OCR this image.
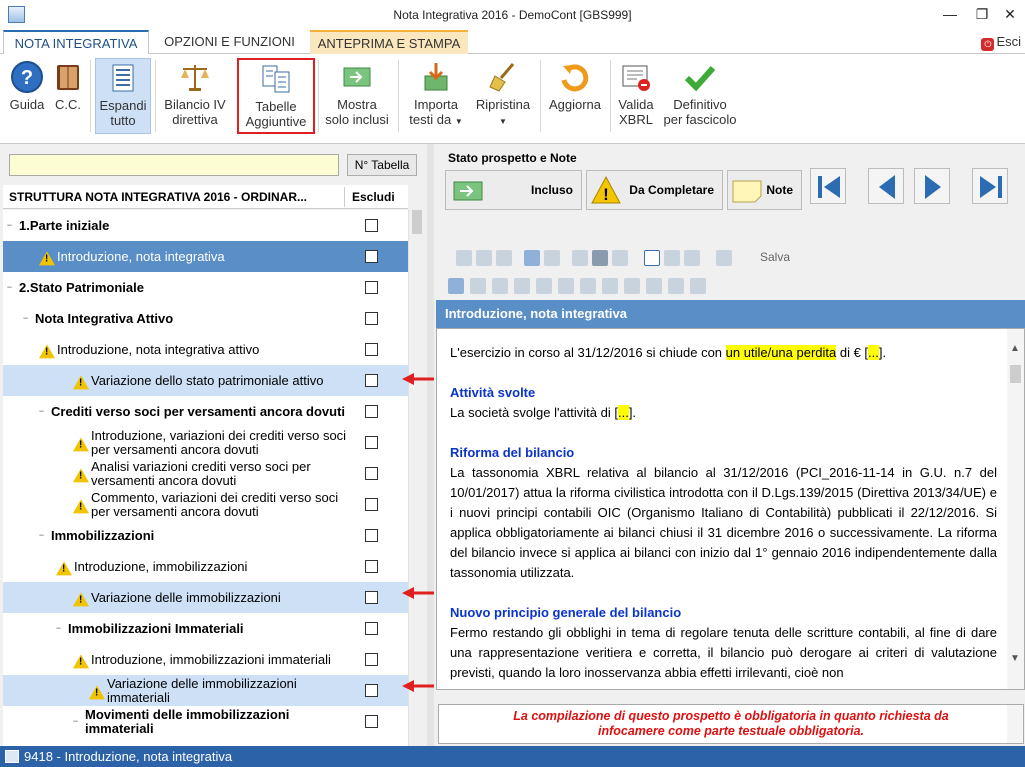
Nota Integrativa 2016 - DemoCont [GBS999]	—	❐	✕
NOTA INTEGRATIVA	OPZIONI E FUNZIONI	ANTEPRIMA E STAMPA	⏻ Esci
?
Guida C.C.	Espandi
tutto
Bilancio IV
direttiva
Tabelle
Aggiuntive
Mostra
solo inclusi
Importa
testi da ▼
Ripristina
▼
Aggiorna	Valida
XBRL
Definitivo
per fascicolo
N° Tabella
STRUTTURA NOTA INTEGRATIVA 2016 - ORDINAR...	Escludi
− 1.Parte iniziale
!
Introduzione, nota integrativa
− 2.Stato Patrimoniale
− Nota Integrativa Attivo
!
Introduzione, nota integrativa attivo
!
Variazione dello stato patrimoniale attivo
− Crediti verso soci per versamenti ancora dovuti
!
Introduzione, variazioni dei crediti verso soci per versamenti ancora dovuti
!
Analisi variazioni crediti verso soci per versamenti ancora dovuti
!
Commento, variazioni dei crediti verso soci per versamenti ancora dovuti
− Immobilizzazioni
!
Introduzione, immobilizzazioni
!
Variazione delle immobilizzazioni
− Immobilizzazioni Immateriali
!
Introduzione, immobilizzazioni immateriali
!
Variazione delle immobilizzazioni immateriali
− Movimenti delle immobilizzazioni immateriali
Stato prospetto e Note
Incluso ! Da Completare	Note
Salva
Introduzione, nota integrativa

L'esercizio in corso al 31/12/2016 si chiude con un utile/una perdita di € [...].

Attività svolte
La società svolge l'attività di [...].

Riforma del bilancio
La tassonomia XBRL relativa al bilancio al 31/12/2016 (PCI_2016-11-14 in G.U. n.7 del 10/01/2017) attua la riforma civilistica introdotta con il D.Lgs.139/2015 (Direttiva 2013/34/UE) e i nuovi principi contabili OIC (Organismo Italiano di Contabilità) pubblicati il 22/12/2016. Si applica obbligatoriamente ai bilanci chiusi il 31 dicembre 2016 o successivamente. La riforma del bilancio invece si applica ai bilanci con inizio dal 1° gennaio 2016 indipendentemente dalla tassonomia utilizzata.

Nuovo principio generale del bilancio
Fermo restando gli obblighi in tema di regolare tenuta delle scritture contabili, al fine di dare una rappresentazione veritiera e corretta, il bilancio può derogare ai criteri di valutazione previsti, quando la loro inosservanza abbia effetti irrilevanti, cioè non

▲
▼
La compilazione di questo prospetto è obbligatoria in quanto richiesta da
infocamere come parte testuale obbligatoria.
9418 - Introduzione, nota integrativa
